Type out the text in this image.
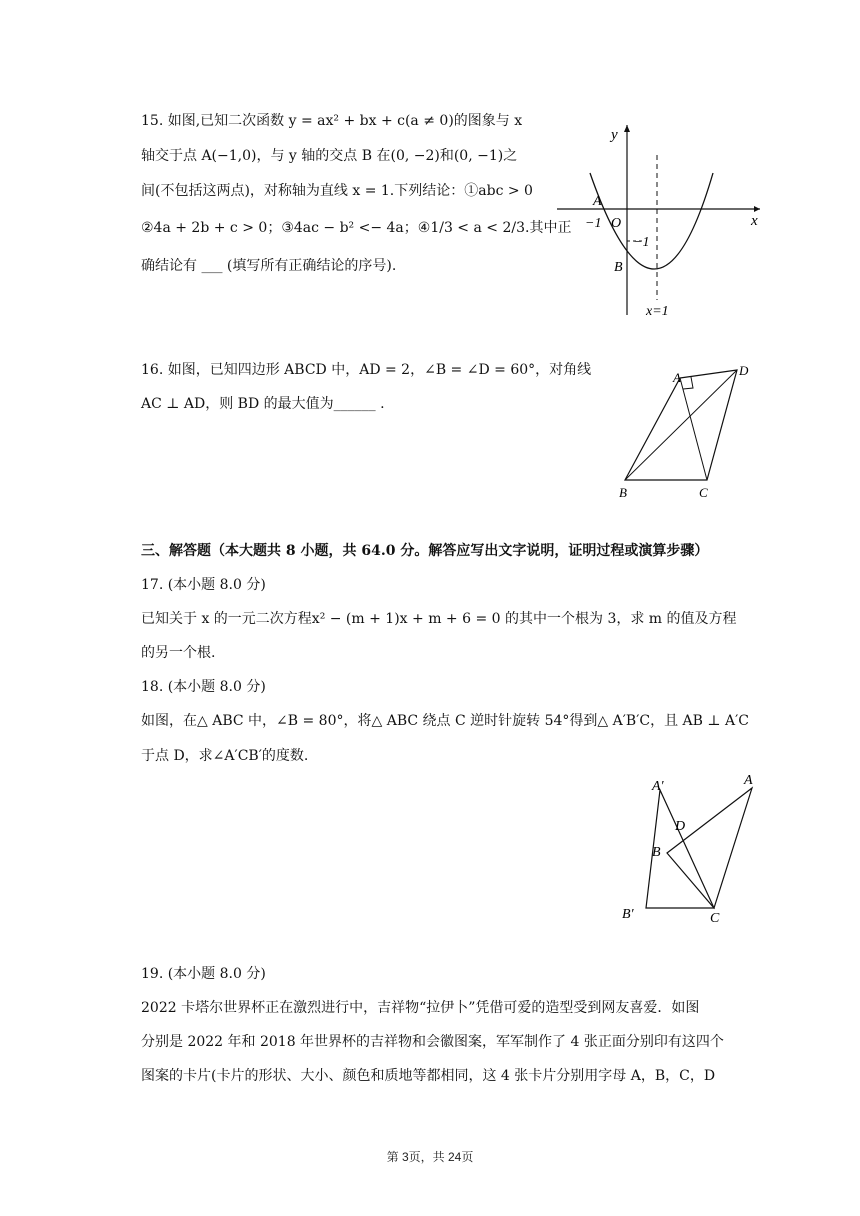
15. 如图,已知二次函数 y = ax² + bx + c(a ≠ 0)的图象与 x
轴交于点 A(−1,0)，与 y 轴的交点 B 在(0, −2)和(0, −1)之
间(不包括这两点)，对称轴为直线 x = 1.下列结论：①abc > 0
②4a + 2b + c > 0；③4ac − b² <− 4a；④1/3 < a < 2/3.其中正
确结论有 ___ (填写所有正确结论的序号).
y
x
A
−1 O
−1
B
x=1
16. 如图，已知四边形 ABCD 中，AD = 2，∠B = ∠D = 60°，对角线
AC ⊥ AD，则 BD 的最大值为______ .
A	D
B	C
三、解答题（本大题共 8 小题，共 64.0 分。解答应写出文字说明，证明过程或演算步骤）
17. (本小题 8.0 分)
已知关于 x 的一元二次方程x² − (m + 1)x + m + 6 = 0 的其中一个根为 3，求 m 的值及方程
的另一个根.
18. (本小题 8.0 分)
如图，在△ ABC 中，∠B = 80°，将△ ABC 绕点 C 逆时针旋转 54°得到△ A′B′C，且 AB ⊥ A′C
于点 D，求∠A′CB′的度数.
A′	A
D
B
B′	C
19. (本小题 8.0 分)
2022 卡塔尔世界杯正在激烈进行中，吉祥物“拉伊卜”凭借可爱的造型受到网友喜爱．如图
分别是 2022 年和 2018 年世界杯的吉祥物和会徽图案，军军制作了 4 张正面分别印有这四个
图案的卡片(卡片的形状、大小、颜色和质地等都相同，这 4 张卡片分别用字母 A，B，C，D
第 3页，共 24页
